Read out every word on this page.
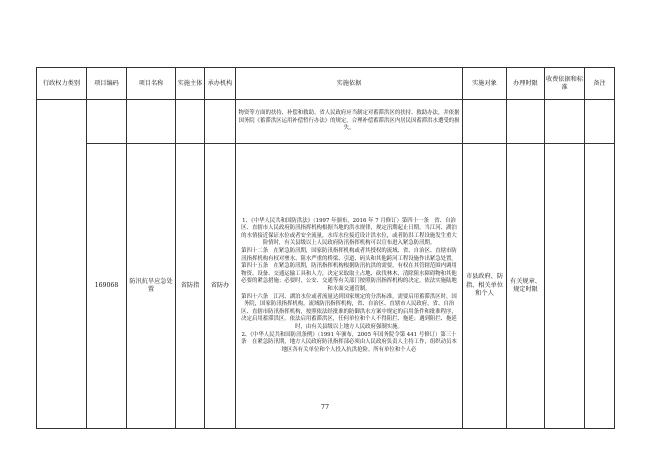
行政权力类别	项目编码	项目名称	实施主体	承办机构	实施依据	实施对象	办理时限	收费依据和标准	备注

					物资等方面的扶持、补偿和救助。省人民政府应当制定对蓄滞洪区的扶持、救助办法，并依据国务院《蓄滞洪区运用补偿暂行办法》的规定，合理补偿蓄滞洪区内居民因蓄滞洪水遭受的损失。				

	169068	防汛抗旱应急处置	省防指	省防办	1、《中华人民共和国防洪法》（1997 年颁布，2016 年 7 月修订）第四十一条　省、自治区、直辖市人民政府防汛指挥机构根据当地的洪水规律，规定汛期起止日期。当江河、湖泊的水情接近保证水位或者安全流量，水库水位接近设计洪水位，或者防洪工程设施发生重大险情时，有关县级以上人民政府防汛指挥机构可以宣布进入紧急防汛期。
第四十二条　在紧急防汛期，国家防汛指挥机构或者其授权的流域、省、自治区、直辖市防汛指挥机构有权对壅水、阻水严重的桥梁、引道、码头和其他跨河工程设施作出紧急处置。
第四十五条　在紧急防汛期，防汛指挥机构根据防汛抗洪的需要，有权在其管辖范围内调用物资、设备、交通运输工具和人力，决定采取取土占地、砍伐林木、清除阻水障碍物和其他必要的紧急措施；必要时，公安、交通等有关部门按照防汛指挥机构的决定，依法实施陆地和水面交通管制。
第四十六条　江河、湖泊水位或者流量达到国家规定的分洪标准，需要启用蓄滞洪区时，国务院，国家防汛指挥机构，流域防汛指挥机构，省、自治区、直辖市人民政府，省、自治区、直辖市防汛指挥机构，按照依法经批准的防御洪水方案中规定的启用条件和批准程序，决定启用蓄滞洪区。依法启用蓄滞洪区，任何单位和个人不得阻拦、拖延；遇到阻拦、拖延时，由有关县级以上地方人民政府强制实施。
2、《中华人民共和国防汛条例》（1991 年颁布，2005 年国务院令第 441 号修订）第三十条　在紧急防汛期，地方人民政府防汛指挥部必须由人民政府负责人主持工作，组织动员本地区各有关单位和个人投入抗洪抢险。所有单位和个人必	市县政府、防指、相关单位和个人	有关规章、规定时限		

77
